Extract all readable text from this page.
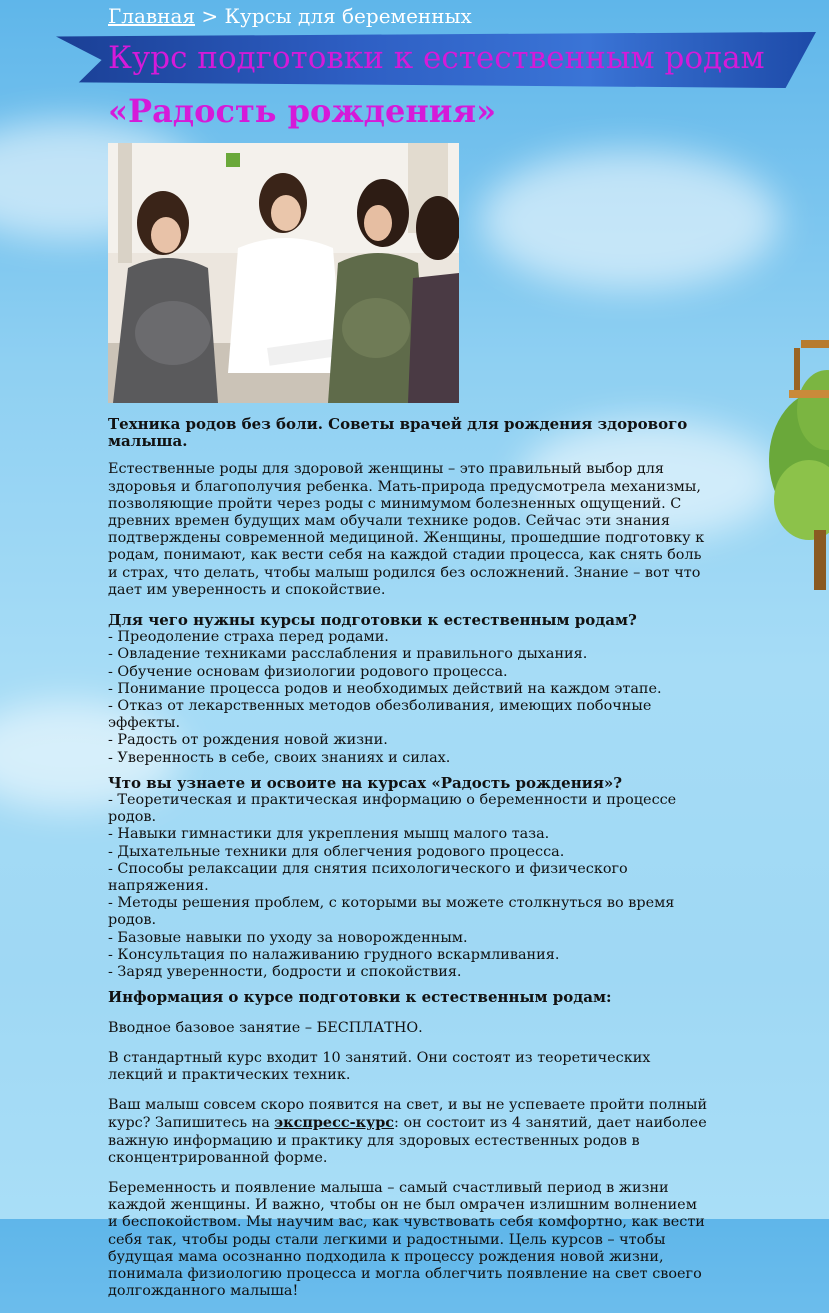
Главная > Курсы для беременных
Курс подготовки к естественным родам
«Радость рождения»
Техника родов без боли. Советы врачей для рождения здорового малыша.

Естественные роды для здоровой женщины – это правильный выбор для здоровья и благополучия ребенка. Мать-природа предусмотрела механизмы, позволяющие пройти через роды с минимумом болезненных ощущений. С древних времен будущих мам обучали технике родов. Сейчас эти знания подтверждены современной медициной. Женщины, прошедшие подготовку к родам, понимают, как вести себя на каждой стадии процесса, как снять боль и страх, что делать, чтобы малыш родился без осложнений. Знание – вот что дает им уверенность и спокойствие.

Для чего нужны курсы подготовки к естественным родам?
- Преодоление страха перед родами.
- Овладение техниками расслабления и правильного дыхания.
- Обучение основам физиологии родового процесса.
- Понимание процесса родов и необходимых действий на каждом этапе.
- Отказ от лекарственных методов обезболивания, имеющих побочные эффекты.
- Радость от рождения новой жизни.
- Уверенность в себе, своих знаниях и силах.
Что вы узнаете и освоите на курсах «Радость рождения»?
- Теоретическая и практическая информацию о беременности и процессе родов.
- Навыки гимнастики для укрепления мышц малого таза.
- Дыхательные техники для облегчения родового процесса.
- Способы релаксации для снятия психологического и физического напряжения.
- Методы решения проблем, с которыми вы можете столкнуться во время родов.
- Базовые навыки по уходу за новорожденным.
- Консультация по налаживанию грудного вскармливания.
- Заряд уверенности, бодрости и спокойствия.
Информация о курсе подготовки к естественным родам:

Вводное базовое занятие – БЕСПЛАТНО.

В стандартный курс входит 10 занятий. Они состоят из теоретических лекций и практических техник.

Ваш малыш совсем скоро появится на свет, и вы не успеваете пройти полный курс? Запишитесь на экспресс-курс: он состоит из 4 занятий, дает наиболее важную информацию и практику для здоровых естественных родов в сконцентрированной форме.

Беременность и появление малыша – самый счастливый период в жизни каждой женщины. И важно, чтобы он не был омрачен излишним волнением и беспокойством. Мы научим вас, как чувствовать себя комфортно, как вести себя так, чтобы роды стали легкими и радостными. Цель курсов – чтобы будущая мама осознанно подходила к процессу рождения новой жизни, понимала физиологию процесса и могла облегчить появление на свет своего долгожданного малыша!
